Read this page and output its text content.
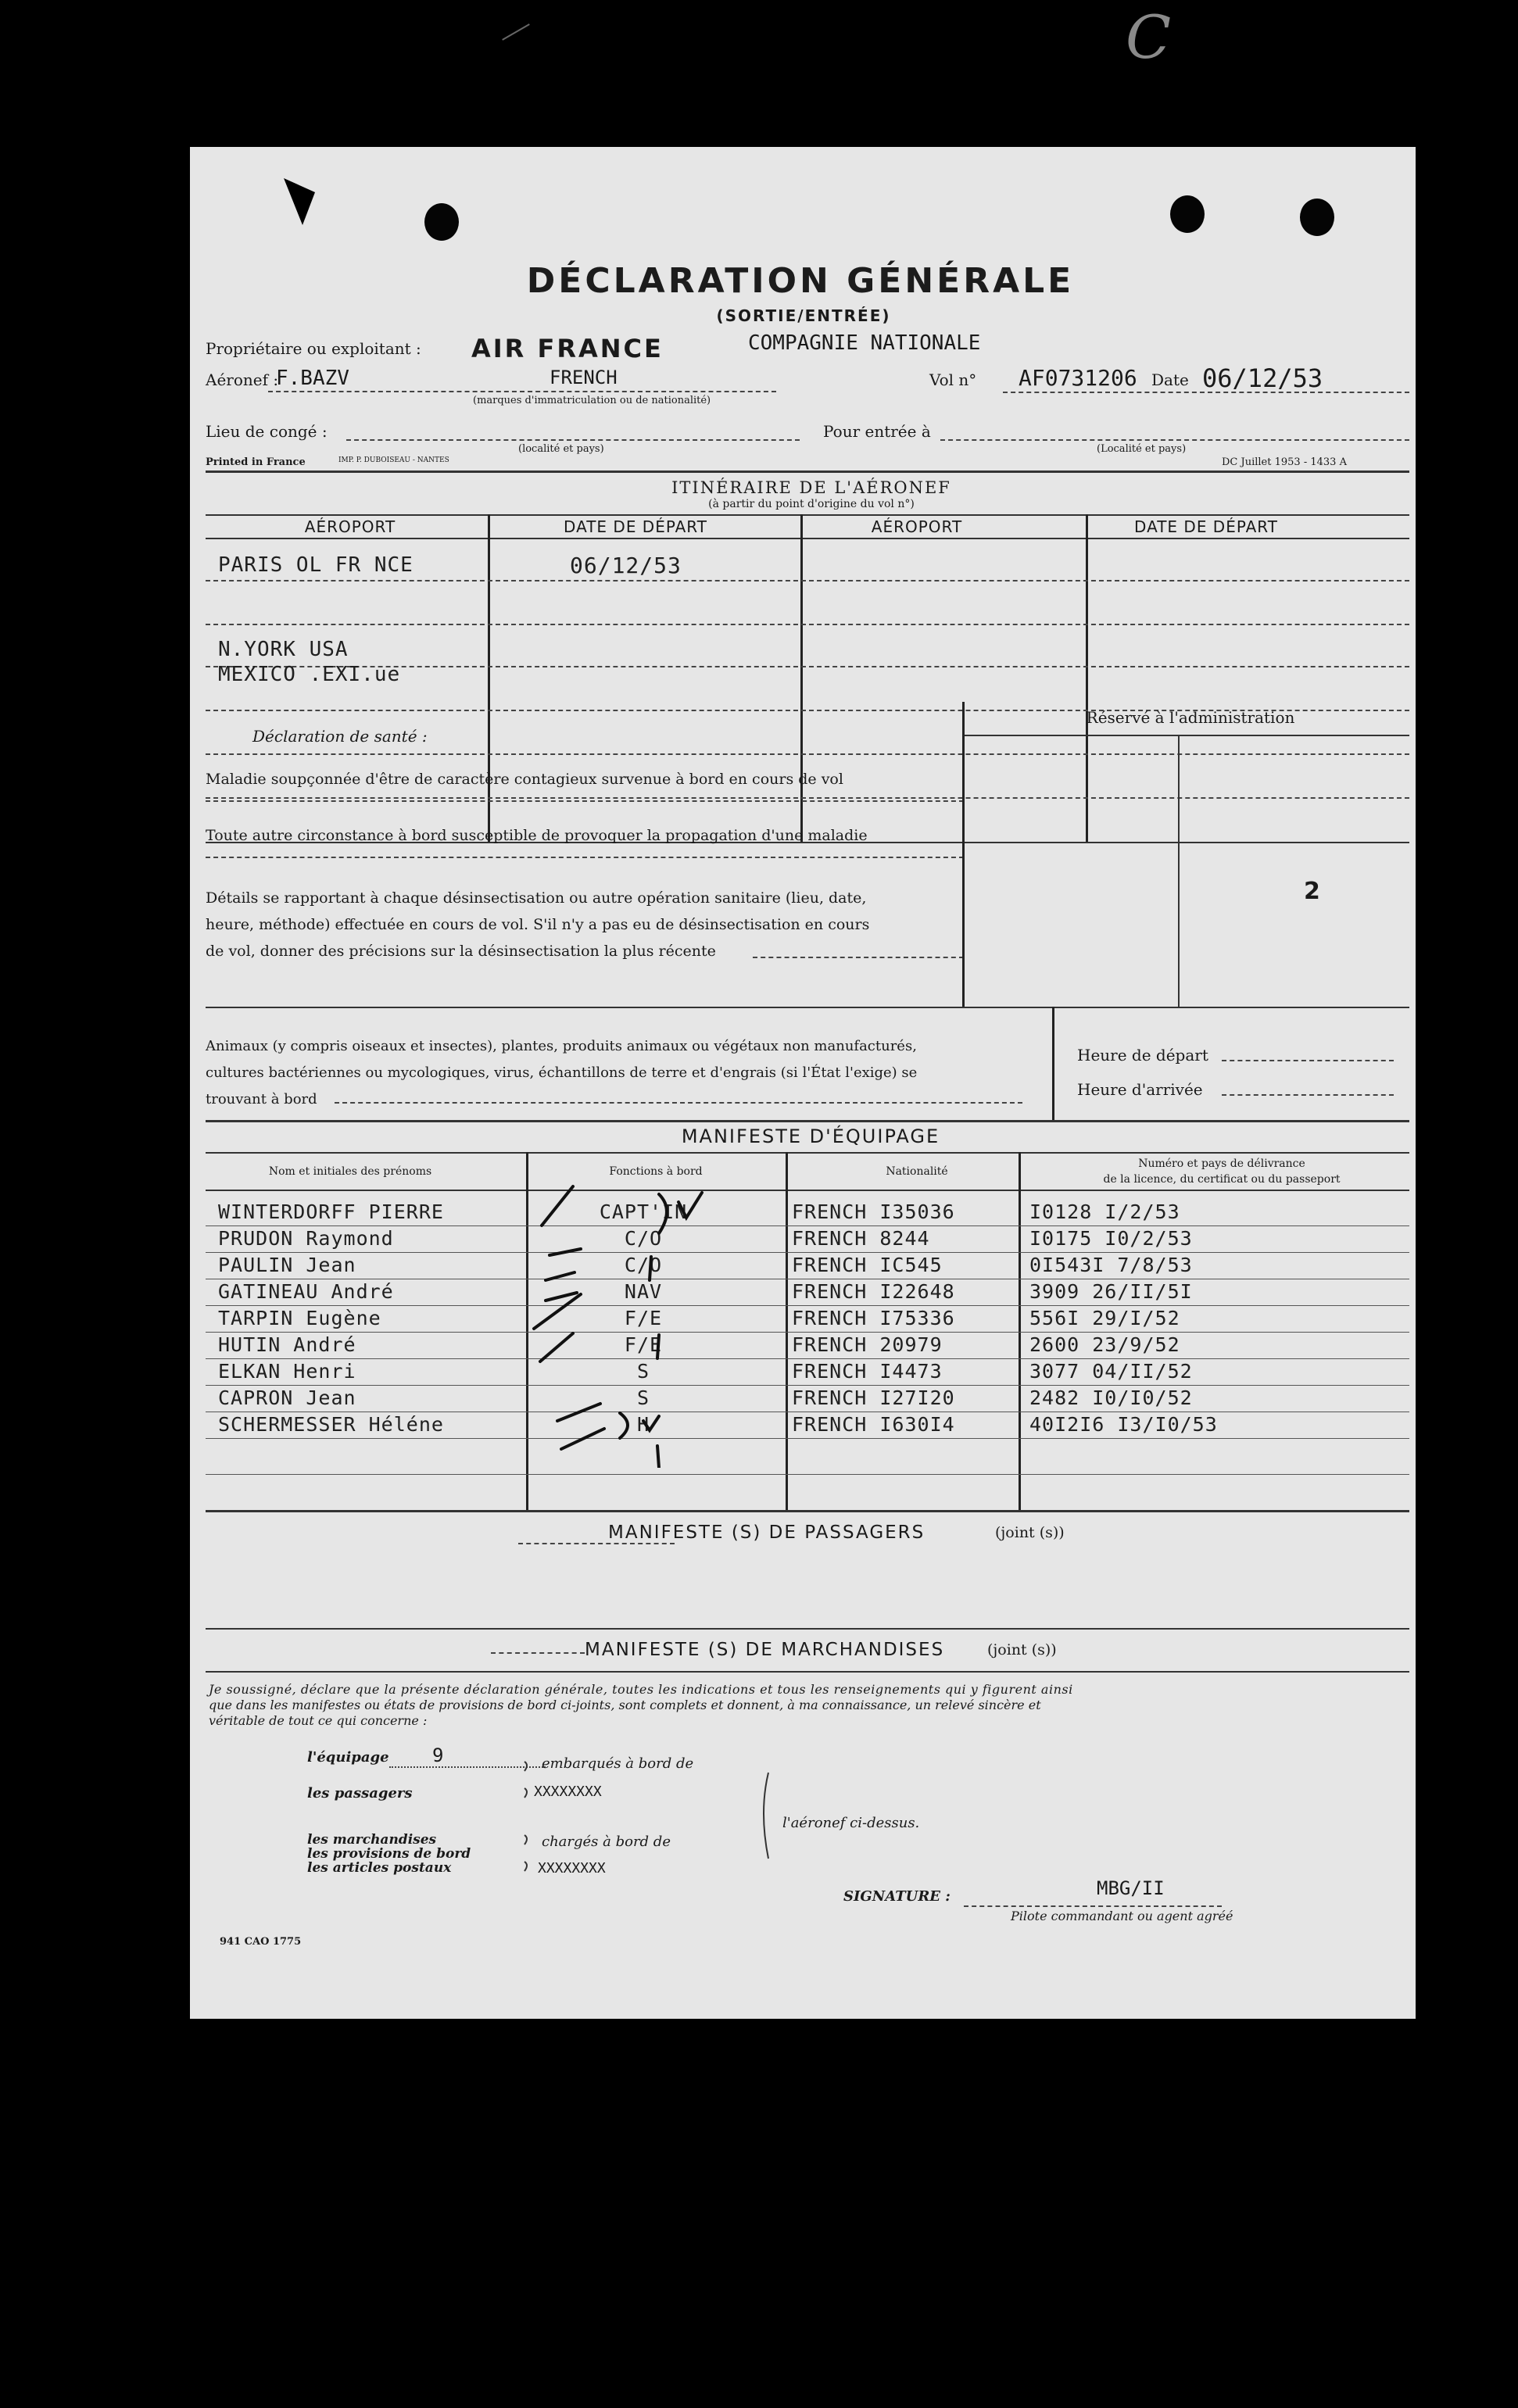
C
DÉCLARATION GÉNÉRALE
(SORTIE/ENTRÉE)
Propriétaire ou exploitant : AIR FRANCE	COMPAGNIE NATIONALE
Aéronef :
F.BAZV	FRENCH
(marques d'immatriculation ou de nationalité)
Vol n° AF0731206 Date 06/12/53
Lieu de congé :
(localité et pays)
Pour entrée à
(Localité et pays)
Printed in France	IMP. P. DUBOISEAU - NANTES	DC Juillet 1953 - 1433 A
ITINÉRAIRE DE L'AÉRONEF
(à partir du point d'origine du vol n°)
AÉROPORT	DATE DE DÉPART	AÉROPORT	DATE DE DÉPART
PARIS OL FR NCE	06/12/53
N.YORK USA
MEXICO .EXI.ue
Déclaration de santé :
Maladie soupçonnée d'être de caractère contagieux survenue à bord en cours de vol
Toute autre circonstance à bord susceptible de provoquer la propagation d'une maladie
Détails se rapportant à chaque désinsectisation ou autre opération sanitaire (lieu, date,
heure, méthode) effectuée en cours de vol. S'il n'y a pas eu de désinsectisation en cours
de vol, donner des précisions sur la désinsectisation la plus récente
Réservé à l'administration
2
Animaux (y compris oiseaux et insectes), plantes, produits animaux ou végétaux non manufacturés,
cultures bactériennes ou mycologiques, virus, échantillons de terre et d'engrais (si l'État l'exige) se
trouvant à bord
Heure de départ
Heure d'arrivée
MANIFESTE D'ÉQUIPAGE
Nom et initiales des prénoms	Fonctions à bord	Nationalité
Numéro et pays de délivrance
de la licence, du certificat ou du passeport
WINTERDORFF PIERRE	CAPT'IN	FRENCH I35036	I0128 I/2/53
PRUDON Raymond	C/O	FRENCH 8244	I0175 I0/2/53
PAULIN Jean	C/O	FRENCH IC545	0I543I 7/8/53
GATINEAU André	NAV	FRENCH I22648	3909 26/II/5I
TARPIN Eugène	F/E	FRENCH I75336	556I 29/I/52
HUTIN André	F/E	FRENCH 20979	2600 23/9/52
ELKAN Henri	S	FRENCH I4473	3077 04/II/52
CAPRON Jean	S	FRENCH I27I20	2482 I0/I0/52
SCHERMESSER Héléne	H	FRENCH I630I4	40I2I6 I3/I0/53
MANIFESTE (S) DE PASSAGERS	(joint (s))
MANIFESTE (S) DE MARCHANDISES	(joint (s))
Je soussigné, déclare que la présente déclaration générale, toutes les indications et tous les renseignements qui y figurent ainsi
que dans les manifestes ou états de provisions de bord ci-joints, sont complets et donnent, à ma connaissance, un relevé sincère et
véritable de tout ce qui concerne :
l'équipage 9
les passagers	XXXXXXXX
embarqués à bord de
l'aéronef ci-dessus.
les marchandises
les provisions de bord
les articles postaux
chargés à bord de
XXXXXXXX
SIGNATURE :	MBG/II
Pilote commandant ou agent agréé
941 CAO 1775
